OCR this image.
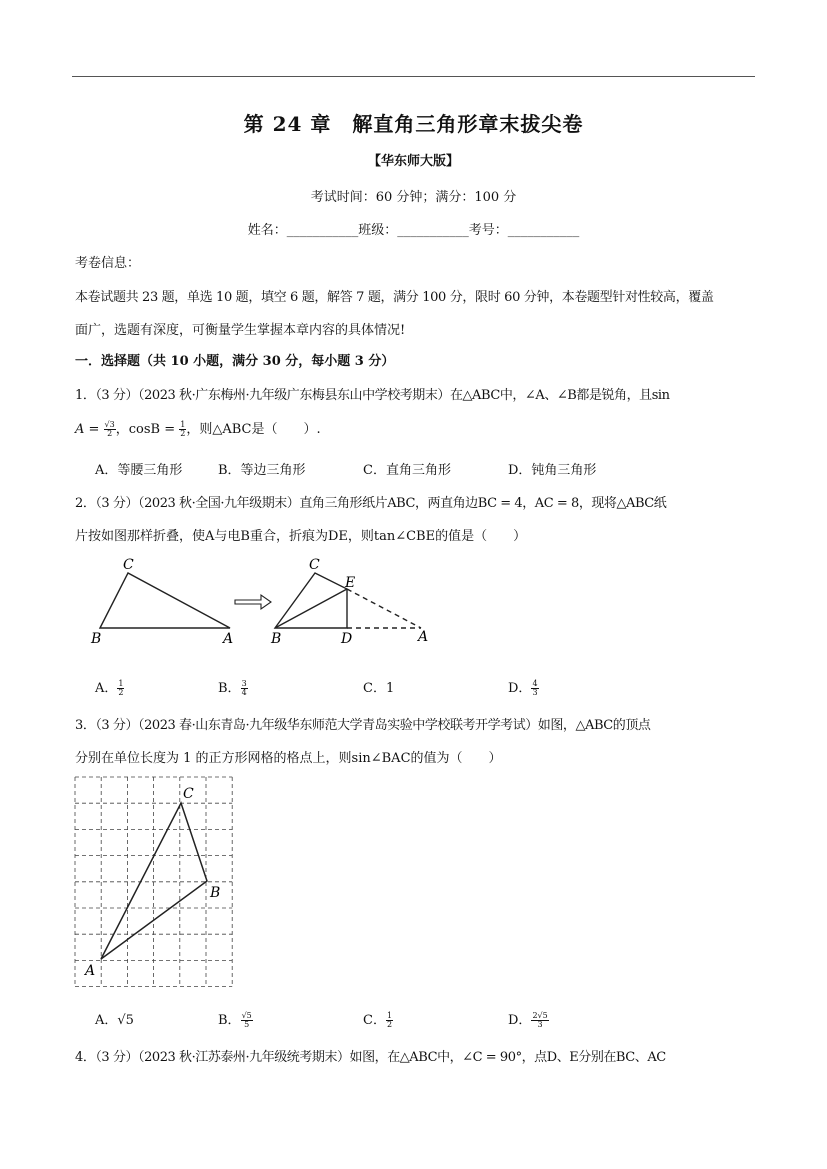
第 24 章　解直角三角形章末拔尖卷
【华东师大版】
考试时间：60 分钟；满分：100 分
姓名：___________班级：___________考号：___________
考卷信息：
本卷试题共 23 题，单选 10 题，填空 6 题，解答 7 题，满分 100 分，限时 60 分钟，本卷题型针对性较高，覆盖
面广，选题有深度，可衡量学生掌握本章内容的具体情况!
一．选择题（共 10 小题，满分 30 分，每小题 3 分）
1．（3 分）（2023 秋·广东梅州·九年级广东梅县东山中学校考期末）在△ABC中，∠A、∠B都是锐角，且sin
$A = \frac{√3}{2}$ ，$\cos B = \frac{1}{2}$ ，则△ABC是（　　）.
A．等腰三角形	B．等边三角形	C．直角三角形	D．钝角三角形
2．（3 分）（2023 秋·全国·九年级期末）直角三角形纸片ABC，两直角边BC = 4，AC = 8，现将△ABC纸
片按如图那样折叠，使A与电B重合，折痕为DE，则tan∠CBE的值是（　　）
C
B	A
C
E
B	D	A
A． $\frac{1}{2}$	B． $\frac{3}{4}$	C．1	D． $\frac{4}{3}$
3．（3 分）（2023 春·山东青岛·九年级华东师范大学青岛实验中学校联考开学考试）如图，△ABC的顶点
分别在单位长度为 1 的正方形网格的格点上，则sin∠BAC的值为（　　）
C
B
A
A．√5	B． $\frac{√5}{5}$	C． $\frac{1}{2}$	D． $\frac{2√5}{3}$
4．（3 分）（2023 秋·江苏泰州·九年级统考期末）如图，在△ABC中，∠C = 90°，点D、E分别在BC、AC
